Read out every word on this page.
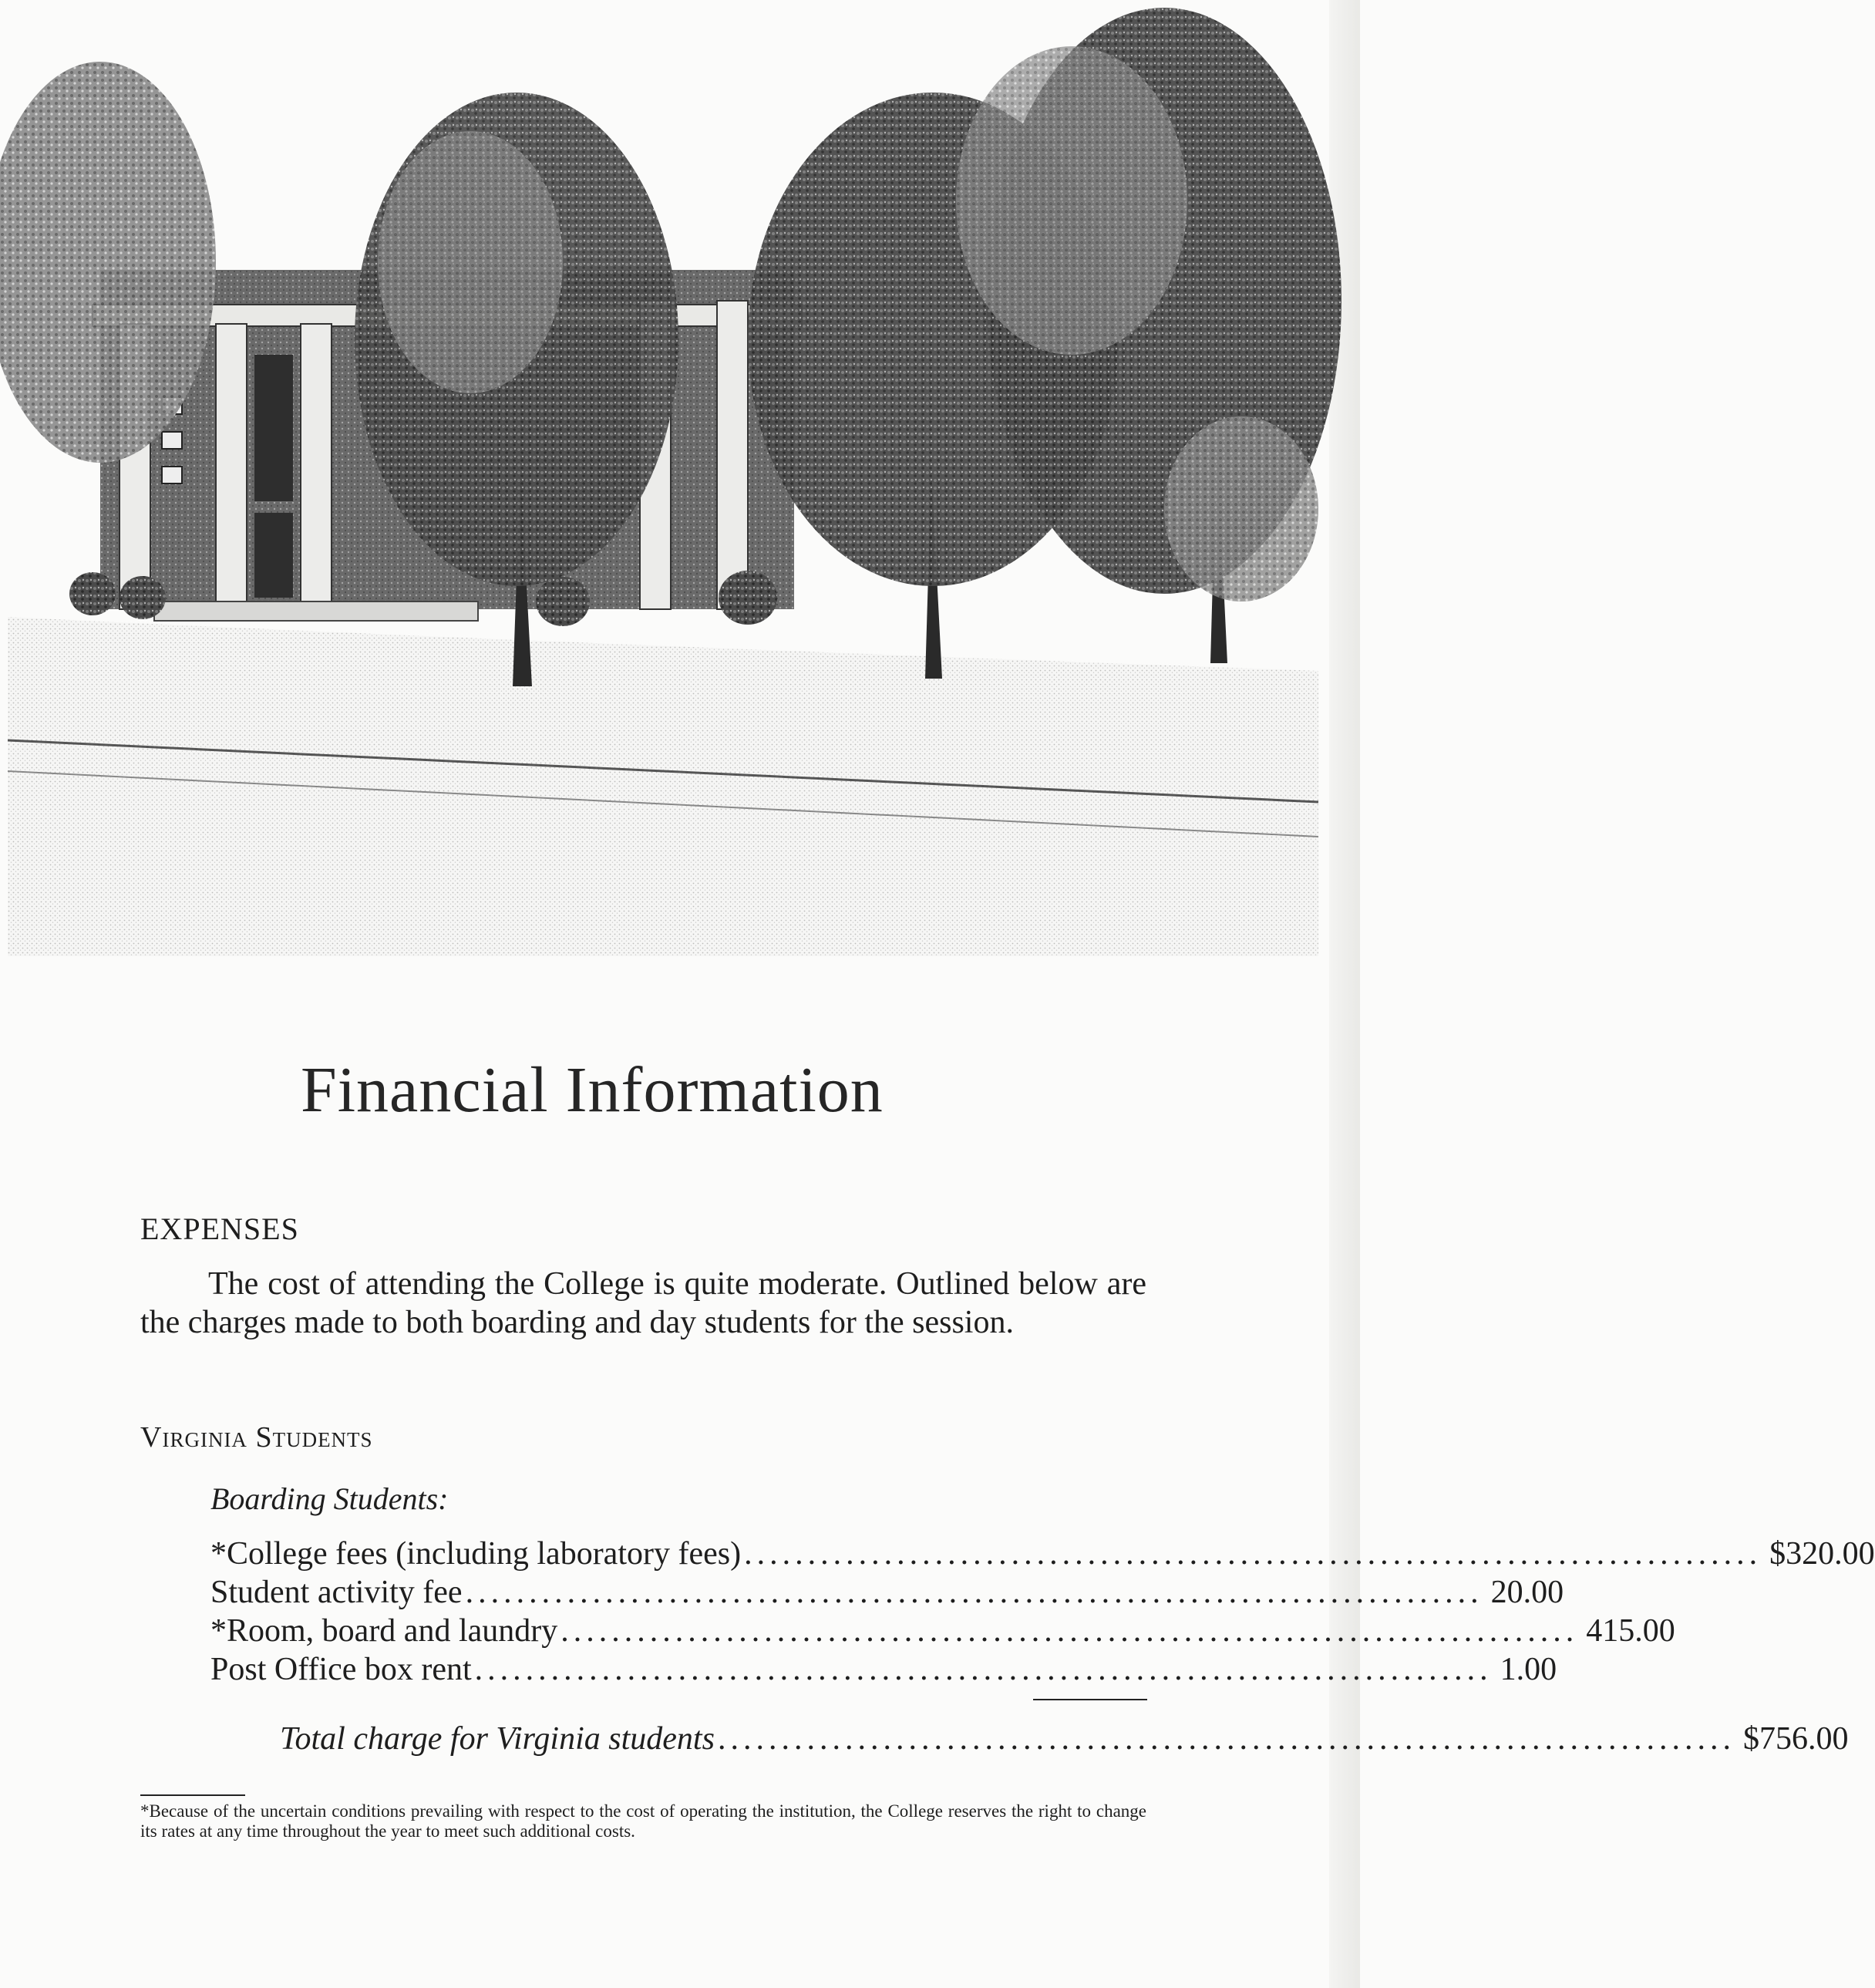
Financial Information
EXPENSES

The cost of attending the College is quite moderate. Outlined below are the charges made to both boarding and day students for the session.

Virginia Students
Boarding Students:
*College fees (including laboratory fees) ................................................................................ $320.00
Student activity fee ................................................................................ 20.00
*Room, board and laundry ................................................................................ 415.00
Post Office box rent ................................................................................ 1.00
Total charge for Virginia students ................................................................................ $756.00

*Because of the uncertain conditions prevailing with respect to the cost of operating the institution, the College reserves the right to change its rates at any time throughout the year to meet such additional costs.
